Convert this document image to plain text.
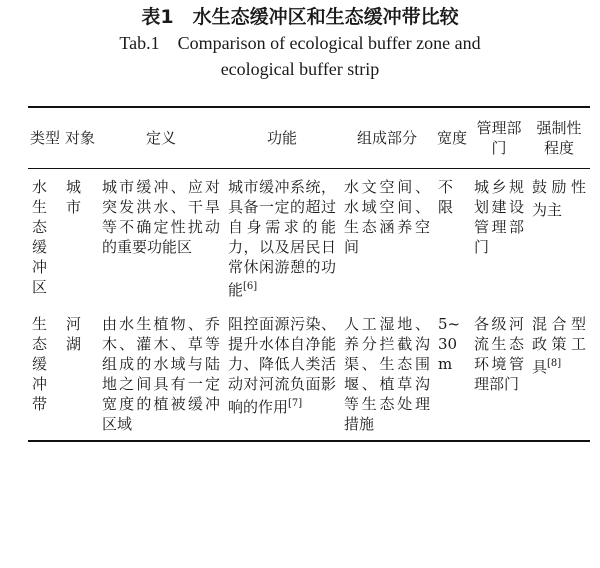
表1　水生态缓冲区和生态缓冲带比较
Tab.1　Comparison of ecological buffer zone and
ecological buffer strip
类型	对象	定义	功能	组成部分	宽度	管理部门	强制性程度
水生态缓冲区	城市	城市缓冲、应对突发洪水、干旱等不确定性扰动的重要功能区	城市缓冲系统，具备一定的超过自身需求的能力，以及居民日常休闲游憩的功能[6]	水文空间、水域空间、生态涵养空间	不限	城乡规划建设管理部门	鼓励性为主
生态缓冲带	河湖	由水生植物、乔木、灌木、草等组成的水域与陆地之间具有一定宽度的植被缓冲区域	阻控面源污染、提升水体自净能力、降低人类活动对河流负面影响的作用[7]	人工湿地、养分拦截沟渠、生态围堰、植草沟等生态处理措施	5~30 m	各级河流生态环境管理部门	混合型政策工具[8]
